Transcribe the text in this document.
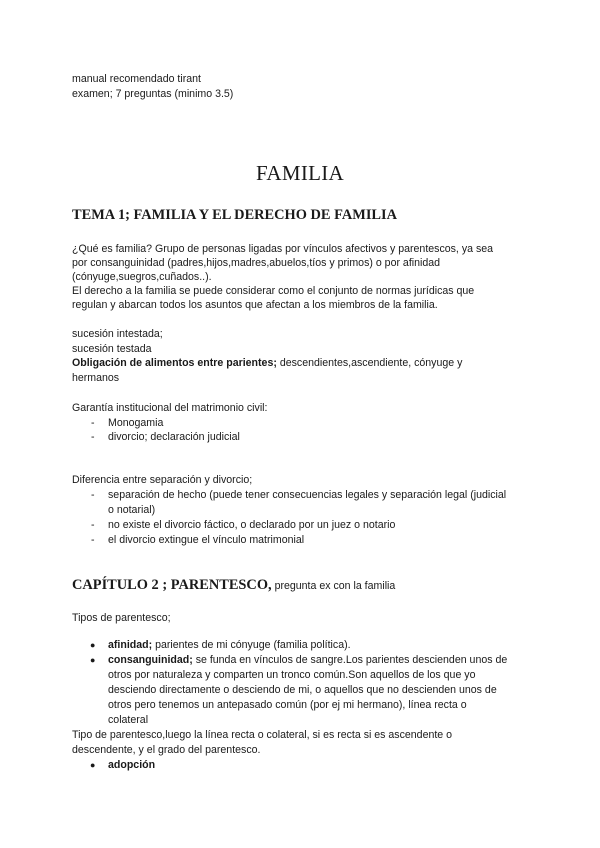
manual recomendado tirant
examen; 7 preguntas (minimo 3.5)
FAMILIA
TEMA 1; FAMILIA Y EL DERECHO DE FAMILIA
¿Qué es familia? Grupo de personas ligadas por vínculos afectivos y parentescos, ya sea
por consanguinidad (padres,hijos,madres,abuelos,tíos y primos) o por afinidad
(cónyuge,suegros,cuñados..).
El derecho a la familia se puede considerar como el conjunto de normas jurídicas que
regulan y abarcan todos los asuntos que afectan a los miembros de la familia.
sucesión intestada;
sucesión testada
Obligación de alimentos entre parientes; descendientes,ascendiente, cónyuge y
hermanos
Garantía institucional del matrimonio civil:
- Monogamia
- divorcio; declaración judicial
Diferencia entre separación y divorcio;
- separación de hecho (puede tener consecuencias legales y separación legal (judicial
o notarial)
- no existe el divorcio fáctico, o declarado por un juez o notario
- el divorcio extingue el vínculo matrimonial
CAPÍTULO 2 ; PARENTESCO, pregunta ex con la familia
Tipos de parentesco;
● afinidad; parientes de mi cónyuge (familia política).
● consanguinidad; se funda en vínculos de sangre.Los parientes descienden unos de
otros por naturaleza y comparten un tronco común.Son aquellos de los que yo
desciendo directamente o desciendo de mi, o aquellos que no descienden unos de
otros pero tenemos un antepasado común (por ej mi hermano), línea recta o
colateral
Tipo de parentesco,luego la línea recta o colateral, si es recta si es ascendente o
descendente, y el grado del parentesco.
● adopción
